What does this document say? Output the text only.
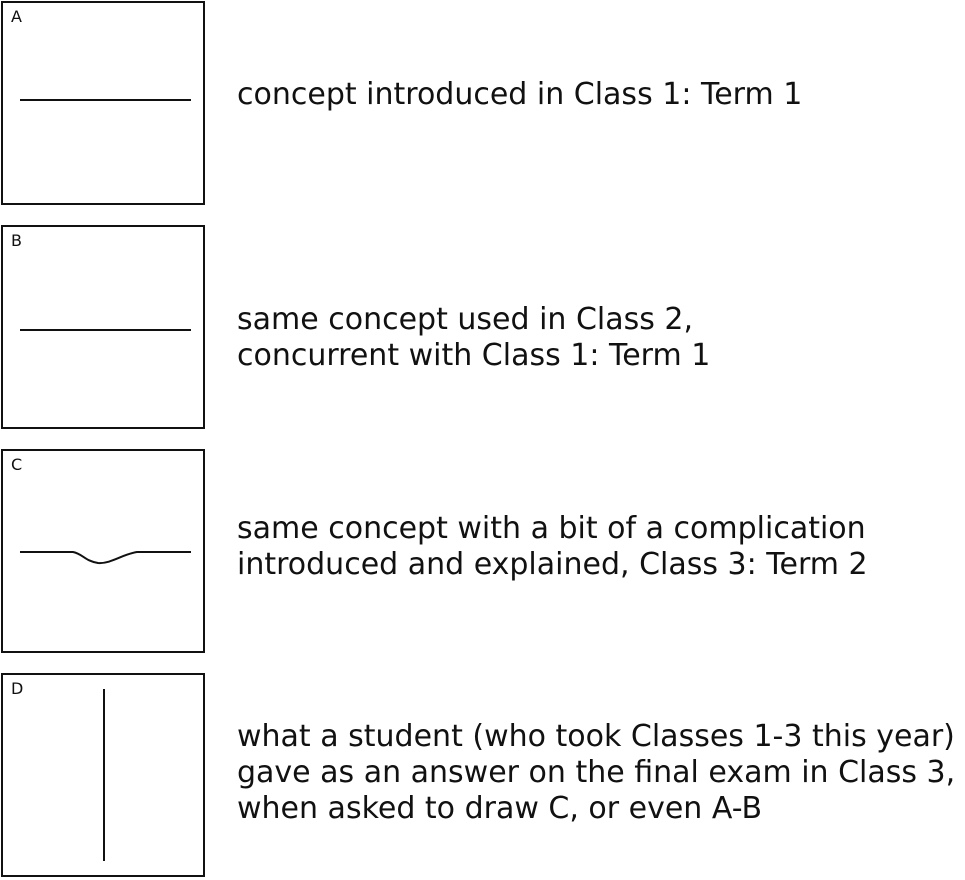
A
concept introduced in Class 1: Term 1
B
same concept used in Class 2,
concurrent with Class 1: Term 1
C
same concept with a bit of a complication
introduced and explained, Class 3: Term 2
D
what a student (who took Classes 1-3 this year)
gave as an answer on the final exam in Class 3,
when asked to draw C, or even A-B
